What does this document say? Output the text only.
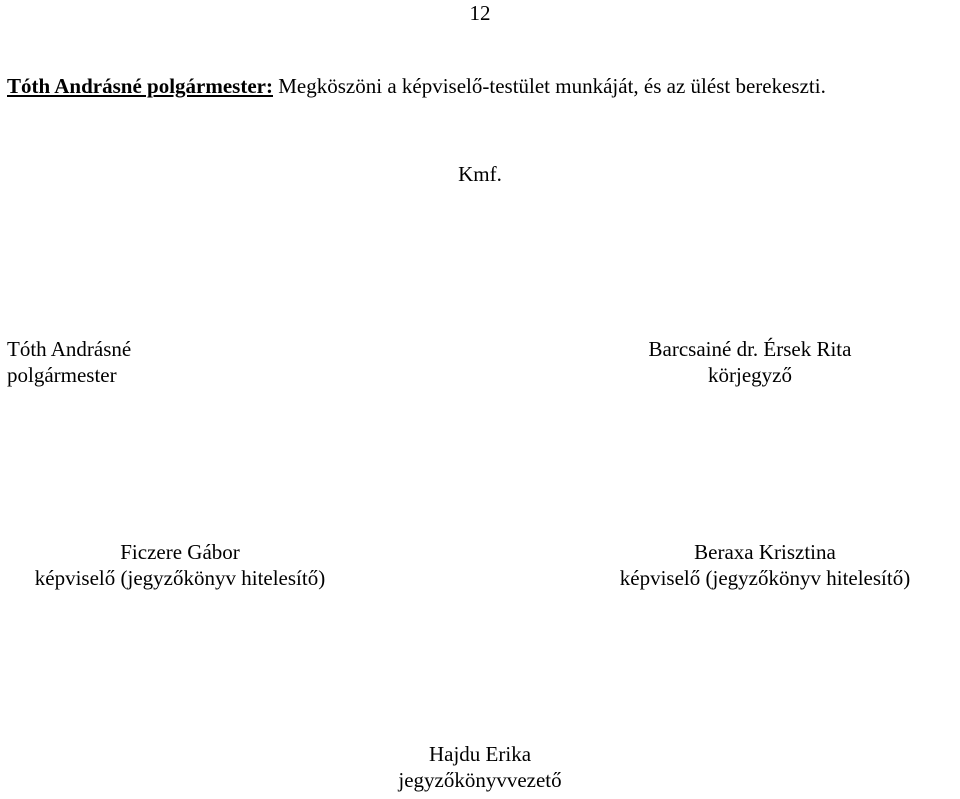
12

Tóth Andrásné polgármester: Megköszöni a képviselő-testület munkáját, és az ülést berekeszti.

Kmf.
Tóth Andrásné
polgármester
Barcsainé dr. Érsek Rita
körjegyző
Ficzere Gábor
képviselő (jegyzőkönyv hitelesítő)
Beraxa Krisztina
képviselő (jegyzőkönyv hitelesítő)
Hajdu Erika
jegyzőkönyvvezető
